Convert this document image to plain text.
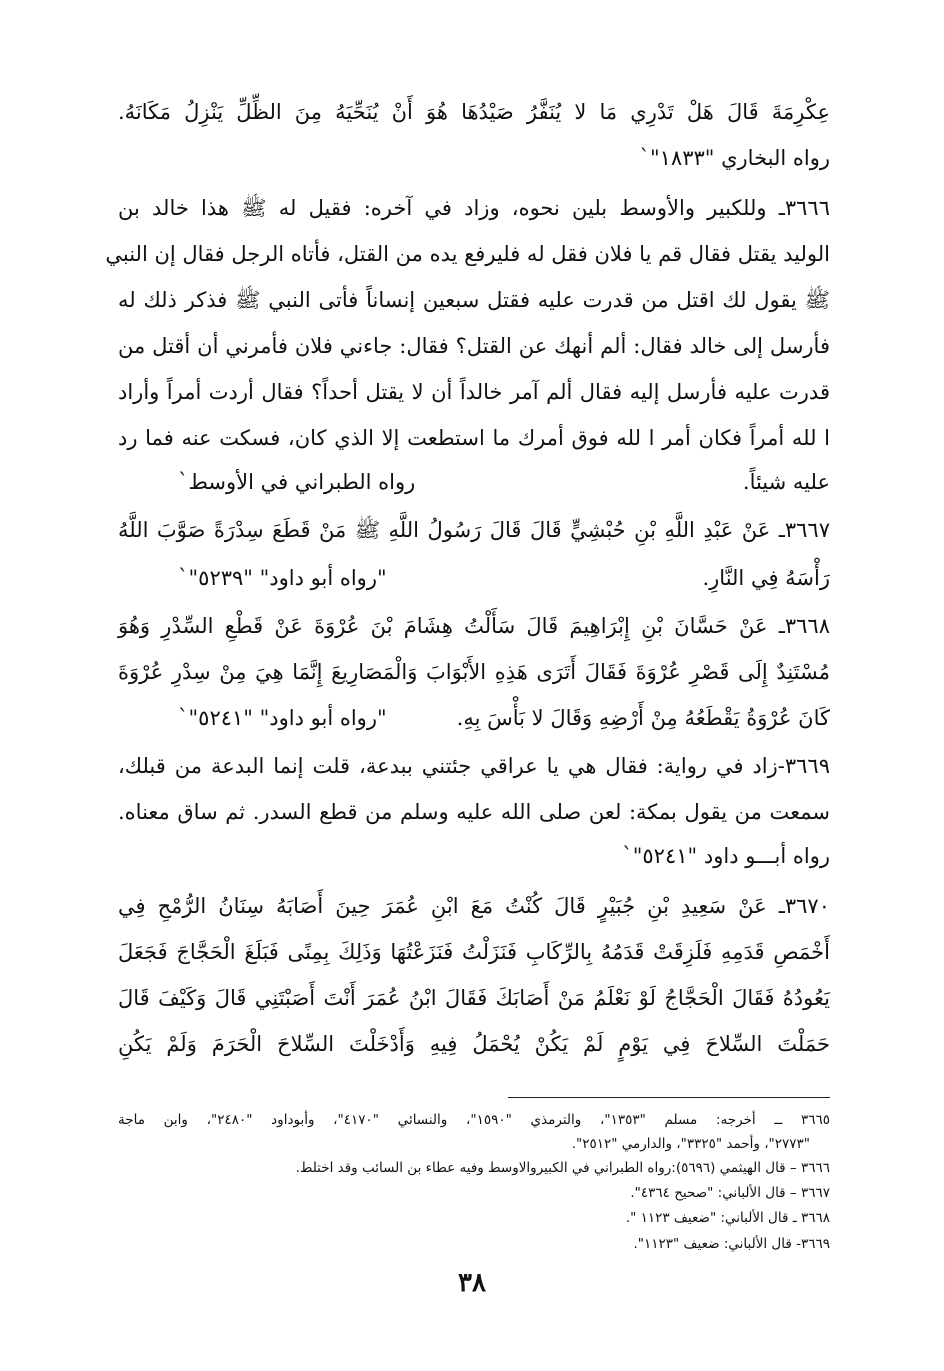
عِكْرِمَةَ قَالَ هَلْ تَدْرِي مَا لا يُنَفَّرُ صَيْدُهَا هُوَ أَنْ يُنَحِّيَهُ مِنَ الظِّلِّ يَنْزِلُ مَكَانَهُ.
رواه البخاري "١٨٣٣"`
٣٦٦٦ـ وللكبير والأوسط بلين نحوه، وزاد في آخره: فقيل له ﷺ هذا خالد بن
الوليد يقتل فقال قم يا فلان فقل له فليرفع يده من القتل، فأتاه الرجل فقال إن النبي
ﷺ يقول لك اقتل من قدرت عليه فقتل سبعين إنساناً فأتى النبي ﷺ فذكر ذلك له
فأرسل إلى خالد فقال: ألم أنهك عن القتل؟ فقال: جاءني فلان فأمرني أن أقتل من
قدرت عليه فأرسل إليه فقال ألم آمر خالداً أن لا يقتل أحداً؟ فقال أردت أمراً وأراد
ا لله أمراً فكان أمر ا لله فوق أمرك ما استطعت إلا الذي كان، فسكت عنه فما رد
عليه شيئاً.
رواه الطبراني في الأوسط`
٣٦٦٧ـ عَنْ عَبْدِ اللَّهِ بْنِ حُبْشِيٍّ قَالَ قَالَ رَسُولُ اللَّهِ ﷺ مَنْ قَطَعَ سِدْرَةً صَوَّبَ اللَّهُ
رَأْسَهُ فِي النَّارِ.
"رواه أبو داود" "٥٢٣٩"`
٣٦٦٨ـ عَنْ حَسَّانَ بْنِ إِبْرَاهِيمَ قَالَ سَأَلْتُ هِشَامَ بْنَ عُرْوَةَ عَنْ قَطْعِ السِّدْرِ وَهُوَ
مُسْتَنِدٌ إِلَى قَصْرِ عُرْوَةَ فَقَالَ أَتَرَى هَذِهِ الأَبْوَابَ وَالْمَصَارِيعَ إِنَّمَا هِيَ مِنْ سِدْرِ عُرْوَةَ
كَانَ عُرْوَةُ يَقْطَعُهُ مِنْ أَرْضِهِ وَقَالَ لا بَأْسَ بِهِ.
"رواه أبو داود" "٥٢٤١"`
٣٦٦٩-زاد في رواية: فقال هي يا عراقي جئتني ببدعة، قلت إنما البدعة من قبلك،
سمعت من يقول بمكة: لعن صلى الله عليه وسلم من قطع السدر. ثم ساق معناه.
رواه أبـــو داود "٥٢٤١"`
٣٦٧٠ـ عَنْ سَعِيدِ بْنِ جُبَيْرٍ قَالَ كُنْتُ مَعَ ابْنِ عُمَرَ حِينَ أَصَابَهُ سِنَانُ الرُّمْحِ فِي
أَخْمَصِ قَدَمِهِ فَلَزِقَتْ قَدَمُهُ بِالرِّكَابِ فَنَزَلْتُ فَنَزَعْتُهَا وَذَلِكَ بِمِنًى فَبَلَغَ الْحَجَّاجَ فَجَعَلَ
يَعُودُهُ فَقَالَ الْحَجَّاجُ لَوْ نَعْلَمُ مَنْ أَصَابَكَ فَقَالَ ابْنُ عُمَرَ أَنْتَ أَصَبْتَنِي قَالَ وَكَيْفَ قَالَ
حَمَلْتَ السِّلاحَ فِي يَوْمٍ لَمْ يَكُنْ يُحْمَلُ فِيهِ وَأَدْخَلْتَ السِّلاحَ الْحَرَمَ وَلَمْ يَكُنِ
٣٦٦٥ ــ أخرجه: مسلم "١٣٥٣"، والترمذي "١٥٩٠"، والنسائي "٤١٧٠"، وأبوداود "٢٤٨٠"، وابن ماجة
"٢٧٧٣"، وأحمد "٣٣٢٥"، والدارمي "٢٥١٢".
٣٦٦٦ – قال الهيثمي (٥٦٩٦):رواه الطبراني في الكبيروالاوسط وفيه عطاء بن السائب وقد اختلط.
٣٦٦٧ – قال الألباني: "صحيح ٤٣٦٤".
٣٦٦٨ ـ قال الألباني: "ضعيف ١١٢٣ ".
٣٦٦٩- قال الألباني: ضعيف "١١٢٣".
٣٨
